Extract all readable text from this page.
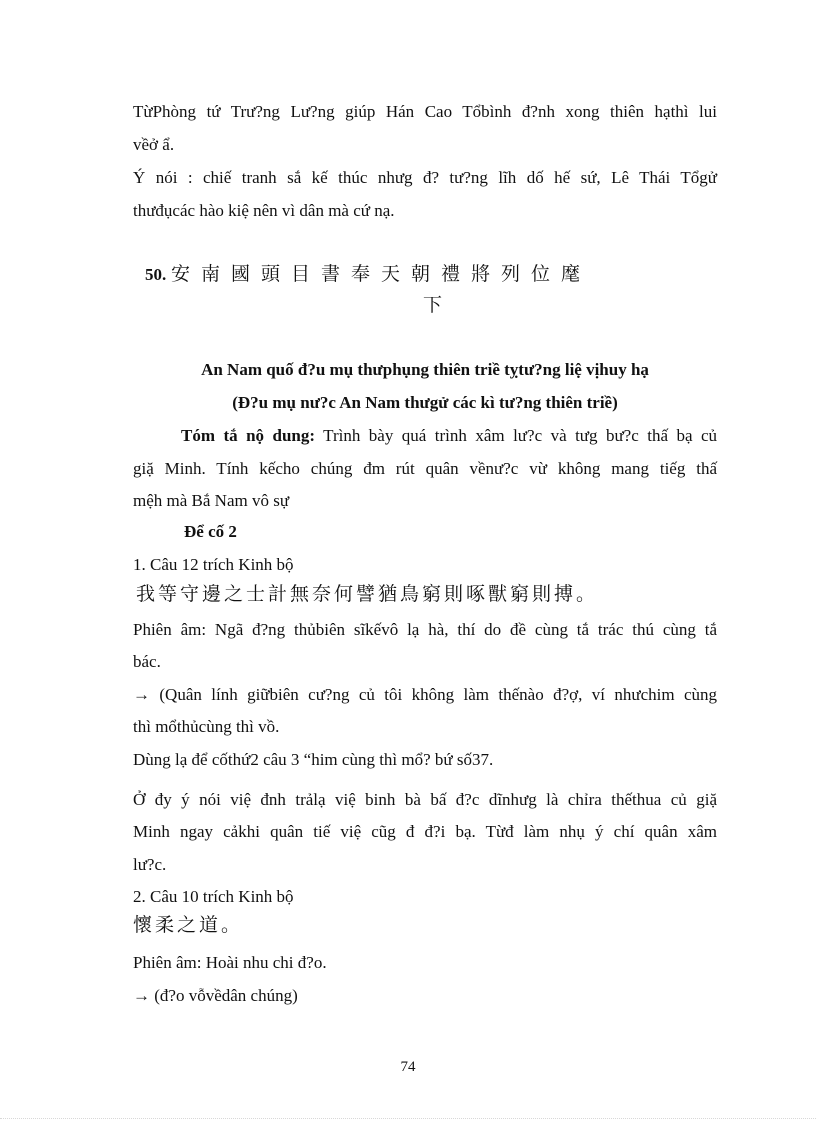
TừPhòng tứ Trư?ng Lư?ng giúp Hán Cao Tổbình đ?nh xong thiên hạthì lui
vềở ẩ.
Ý nói : chiế tranh sắ kế thúc nhưg đ? tư?ng lĩh dố hế sứ, Lê Thái Tổgử
thưđụcác hào kiệ nên vì dân mà cứ nạ.
50. 安南國頭目書奉天朝禮將列位麾
下
An Nam quố đ?u mụ thưphụng thiên triề tỵtư?ng liệ vịhuy hạ
(Đ?u mụ nư?c An Nam thưgử các kì tư?ng thiên triề)
Tóm tắ nộ dung: Trình bày quá trình xâm lư?c và tưg bư?c thấ bạ củ
giặ Minh. Tính kếcho chúng đm rút quân vềnư?c vừ không mang tiếg thấ
mệh mà Bắ Nam vô sự
Để cố 2
1. Câu 12 trích Kinh bộ
我等守邊之士計無奈何譬猶鳥窮則啄獸窮則搏。
Phiên âm: Ngã đ?ng thủbiên sĩkếvô lạ hà, thí do đề cùng tắ trác thú cùng tắ
bác.
→ (Quân lính giữbiên cư?ng củ tôi không làm thếnào đ?ợ, ví nhưchim cùng
thì mổthủcùng thì vồ.
Dùng lạ để cốthứ2 câu 3 “him cùng thì mổ? bứ số37.
Ở đy ý nói việ đnh trảlạ việ binh bà bấ đ?c dĩnhưg là chỉra thếthua củ giặ
Minh ngay cảkhi quân tiế việ cũg đ đ?i bạ. Từđ làm nhụ ý chí quân xâm
lư?c.
2. Câu 10 trích Kinh bộ
懷柔之道。
Phiên âm: Hoài nhu chi đ?o.
→ (đ?o vỗvềdân chúng)
74
